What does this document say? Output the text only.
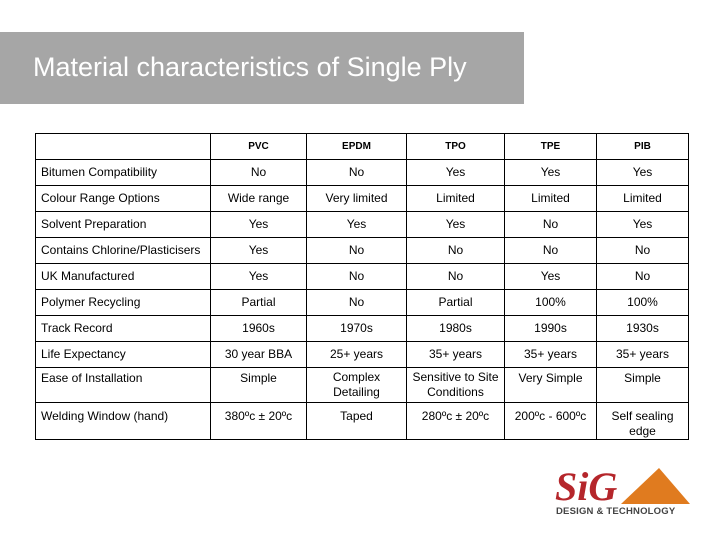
Material characteristics of Single Ply
	PVC	EPDM	TPO	TPE	PIB
Bitumen Compatibility	No	No	Yes	Yes	Yes
Colour Range Options	Wide range	Very limited	Limited	Limited	Limited
Solvent Preparation	Yes	Yes	Yes	No	Yes
Contains Chlorine/Plasticisers	Yes	No	No	No	No
UK Manufactured	Yes	No	No	Yes	No
Polymer Recycling	Partial	No	Partial	100%	100%
Track Record	1960s	1970s	1980s	1990s	1930s
Life Expectancy	30 year BBA	25+ years	35+ years	35+ years	35+ years
Ease of Installation	Simple	Complex Detailing	Sensitive to Site Conditions	Very Simple	Simple
Welding Window (hand)	380ºc ± 20ºc	Taped	280ºc ± 20ºc	200ºc - 600ºc	Self sealing edge
SiG
DESIGN & TECHNOLOGY
